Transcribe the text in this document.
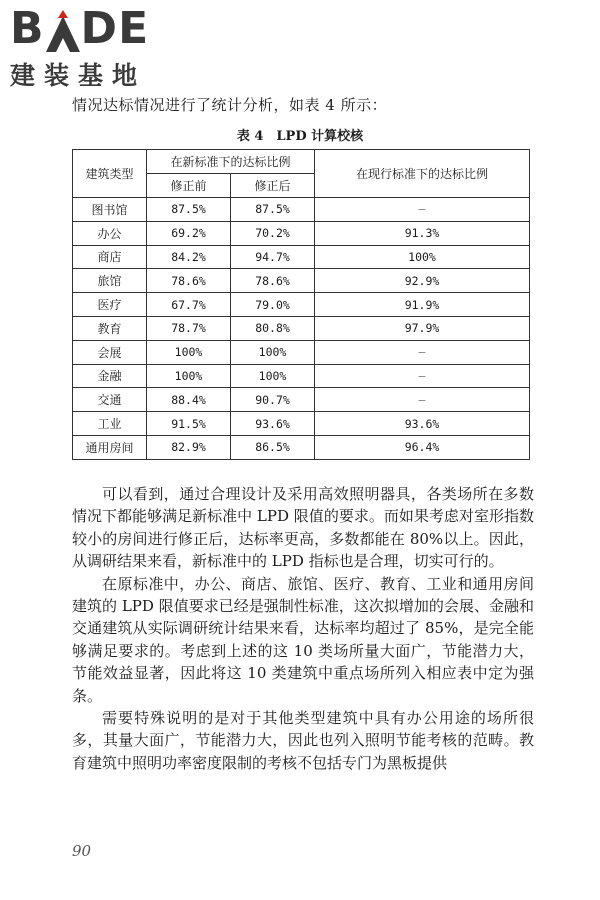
B DE
建装基地
情况达标情况进行了统计分析，如表 4 所示：
表 4　LPD 计算校核
建筑类型	在新标准下的达标比例		在现行标准下的达标比例
	修正前	修正后	
图书馆	87.5%	87.5%	—
办公	69.2%	70.2%	91.3%
商店	84.2%	94.7%	100%
旅馆	78.6%	78.6%	92.9%
医疗	67.7%	79.0%	91.9%
教育	78.7%	80.8%	97.9%
会展	100%	100%	—
金融	100%	100%	—
交通	88.4%	90.7%	—
工业	91.5%	93.6%	93.6%
通用房间	82.9%	86.5%	96.4%

可以看到，通过合理设计及采用高效照明器具，各类场所在多数情况下都能够满足新标准中 LPD 限值的要求。而如果考虑对室形指数较小的房间进行修正后，达标率更高，多数都能在 80%以上。因此，从调研结果来看，新标准中的 LPD 指标也是合理，切实可行的。

在原标准中，办公、商店、旅馆、医疗、教育、工业和通用房间建筑的 LPD 限值要求已经是强制性标准，这次拟增加的会展、金融和交通建筑从实际调研统计结果来看，达标率均超过了 85%，是完全能够满足要求的。考虑到上述的这 10 类场所量大面广，节能潜力大，节能效益显著，因此将这 10 类建筑中重点场所列入相应表中定为强条。

需要特殊说明的是对于其他类型建筑中具有办公用途的场所很多，其量大面广，节能潜力大，因此也列入照明节能考核的范畴。教育建筑中照明功率密度限制的考核不包括专门为黑板提供

90
